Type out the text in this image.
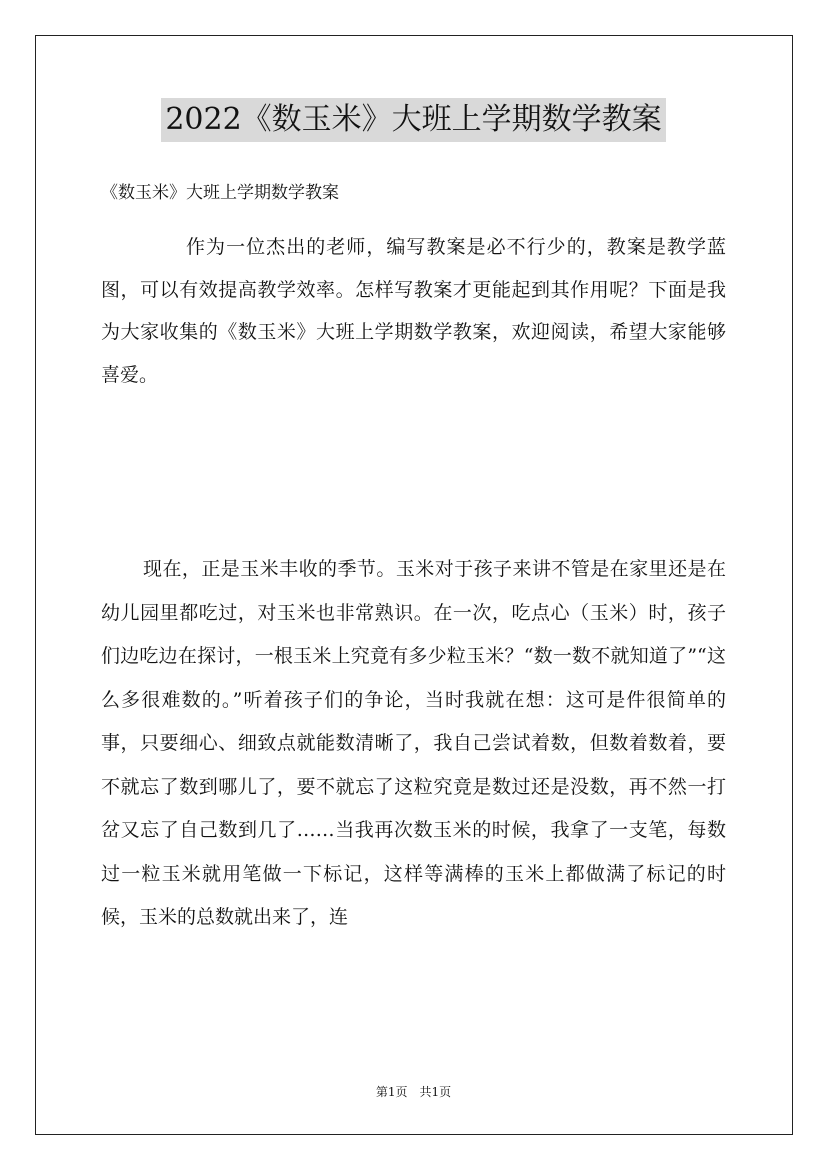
2022《数玉米》大班上学期数学教案

《数玉米》大班上学期数学教案

作为一位杰出的老师，编写教案是必不行少的，教案是教学蓝图，可以有效提高教学效率。怎样写教案才更能起到其作用呢？下面是我为大家收集的《数玉米》大班上学期数学教案，欢迎阅读，希望大家能够喜爱。

现在，正是玉米丰收的季节。玉米对于孩子来讲不管是在家里还是在幼儿园里都吃过，对玉米也非常熟识。在一次，吃点心（玉米）时，孩子们边吃边在探讨，一根玉米上究竟有多少粒玉米？“数一数不就知道了”“这么多很难数的。”听着孩子们的争论，当时我就在想：这可是件很简单的事，只要细心、细致点就能数清晰了，我自己尝试着数，但数着数着，要不就忘了数到哪儿了，要不就忘了这粒究竟是数过还是没数，再不然一打岔又忘了自己数到几了……当我再次数玉米的时候，我拿了一支笔，每数过一粒玉米就用笔做一下标记，这样等满棒的玉米上都做满了标记的时候，玉米的总数就出来了，连

第1页　共1页
